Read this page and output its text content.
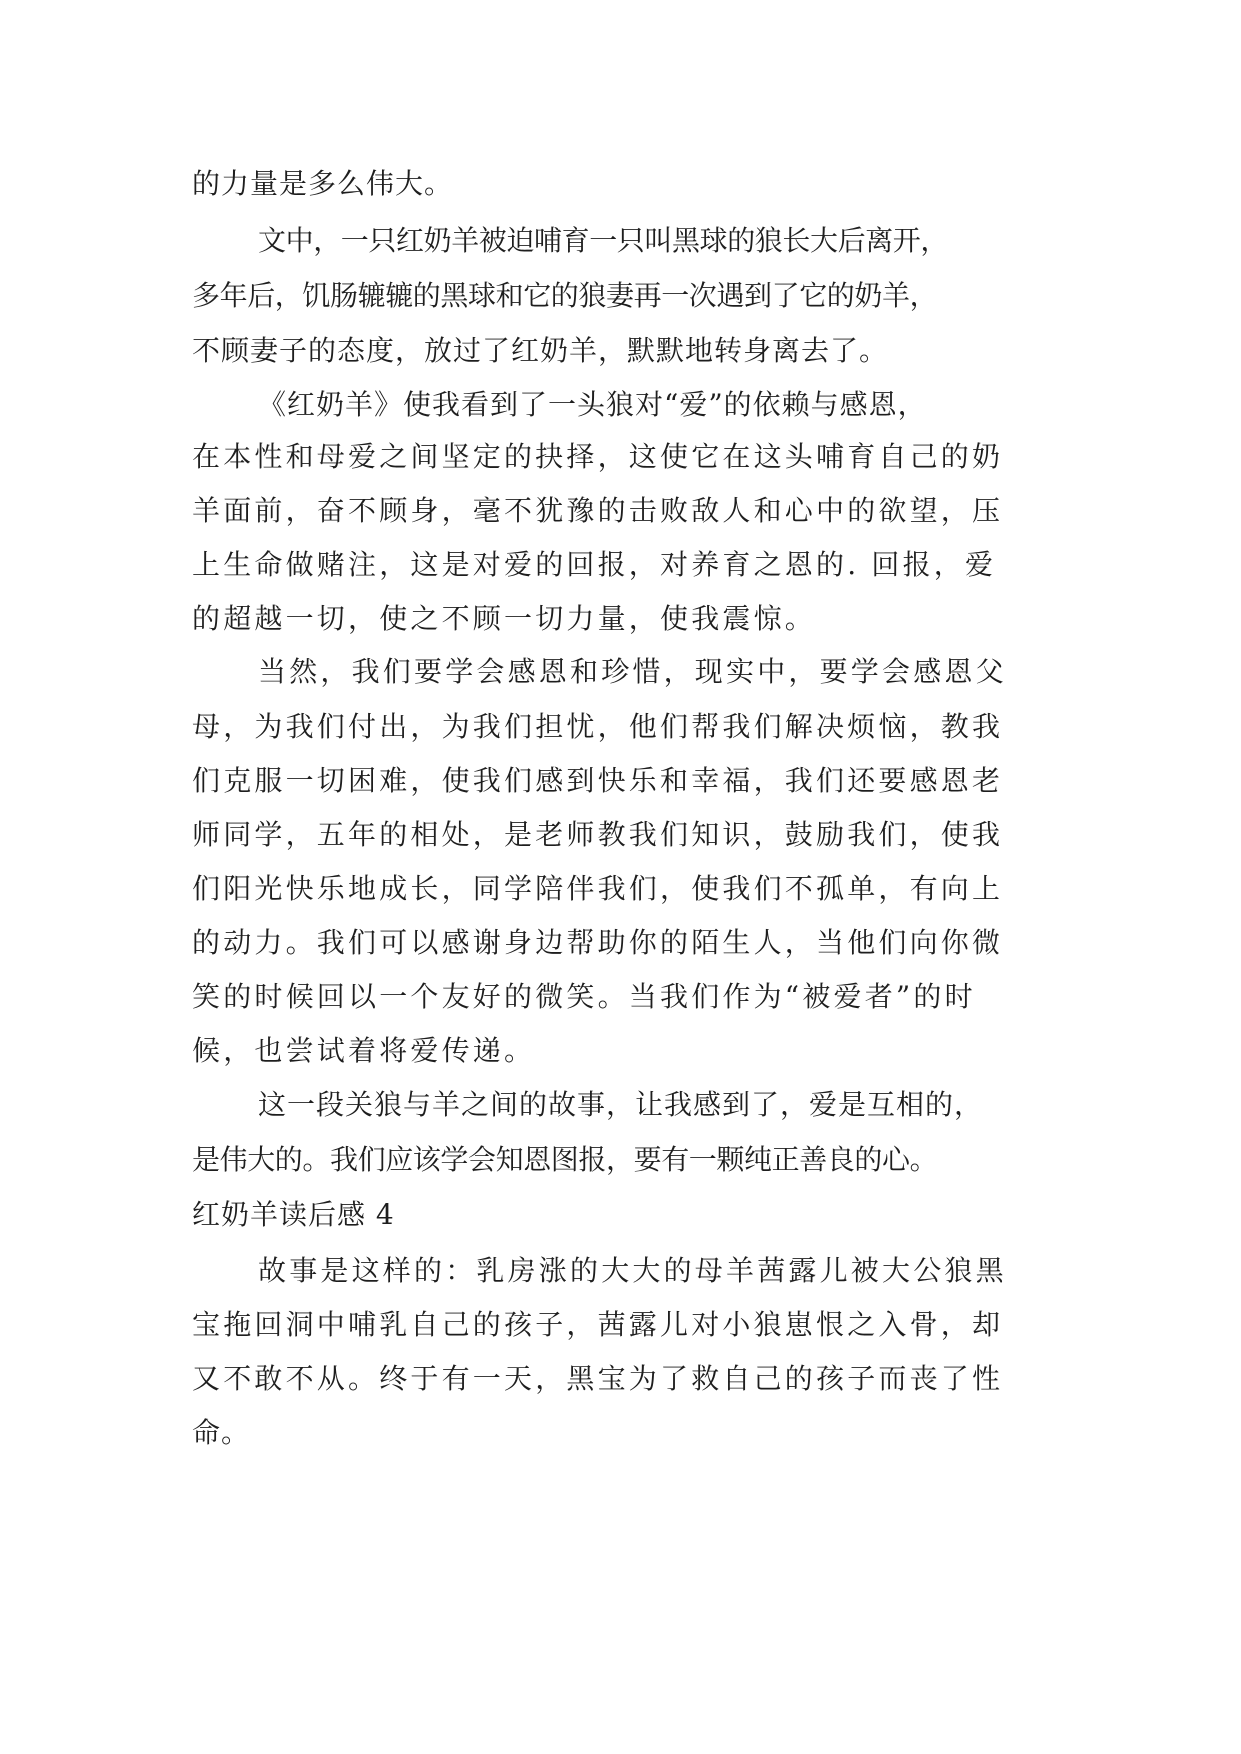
的力量是多么伟大。
文中，一只红奶羊被迫哺育一只叫黑球的狼长大后离开，
多年后，饥肠辘辘的黑球和它的狼妻再一次遇到了它的奶羊，
不顾妻子的态度，放过了红奶羊，默默地转身离去了。
《红奶羊》使我看到了一头狼对“爱”的依赖与感恩，
在本性和母爱之间坚定的抉择，这使它在这头哺育自己的奶
羊面前，奋不顾身，毫不犹豫的击败敌人和心中的欲望，压
上生命做赌注，这是对爱的回报，对养育之恩的. 回报，爱
的超越一切，使之不顾一切力量，使我震惊。
当然，我们要学会感恩和珍惜，现实中，要学会感恩父
母，为我们付出，为我们担忧，他们帮我们解决烦恼，教我
们克服一切困难，使我们感到快乐和幸福，我们还要感恩老
师同学，五年的相处，是老师教我们知识，鼓励我们，使我
们阳光快乐地成长，同学陪伴我们，使我们不孤单，有向上
的动力。我们可以感谢身边帮助你的陌生人，当他们向你微
笑的时候回以一个友好的微笑。当我们作为“被爱者”的时
候，也尝试着将爱传递。
这一段关狼与羊之间的故事，让我感到了，爱是互相的，
是伟大的。我们应该学会知恩图报，要有一颗纯正善良的心。
红奶羊读后感 4
故事是这样的：乳房涨的大大的母羊茜露儿被大公狼黑
宝拖回洞中哺乳自己的孩子，茜露儿对小狼崽恨之入骨，却
又不敢不从。终于有一天，黑宝为了救自己的孩子而丧了性
命。
